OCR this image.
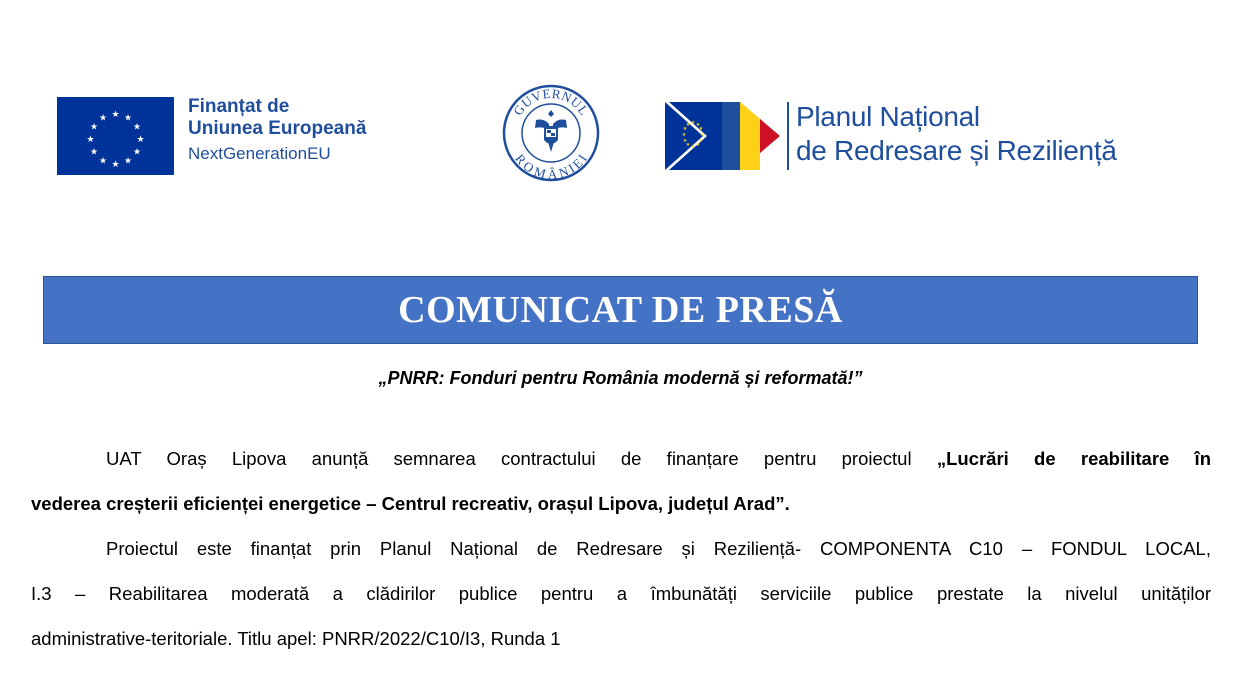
★ ★
★
★
★
★
★
★
★
★
★
★
Finanțat de
Uniunea Europeană
NextGenerationEU
GUVERNUL
ROMÂNIEI
★ ★
★
★
★
★
★
★
★
★
★
★	Planul Național
de Redresare și Reziliență
COMUNICAT DE PRESĂ
„PNRR: Fonduri pentru România modernă și reformată!”
UAT Oraș Lipova anunță semnarea contractului de finanțare pentru proiectul „Lucrări de reabilitare în
vederea creșterii eficienței energetice – Centrul recreativ, orașul Lipova, județul Arad”.
Proiectul este finanțat prin Planul Național de Redresare și Reziliență- COMPONENTA C10 – FONDUL LOCAL,
I.3 – Reabilitarea moderată a clădirilor publice pentru a îmbunătăți serviciile publice prestate la nivelul unităților
administrative-teritoriale. Titlu apel: PNRR/2022/C10/I3, Runda 1
